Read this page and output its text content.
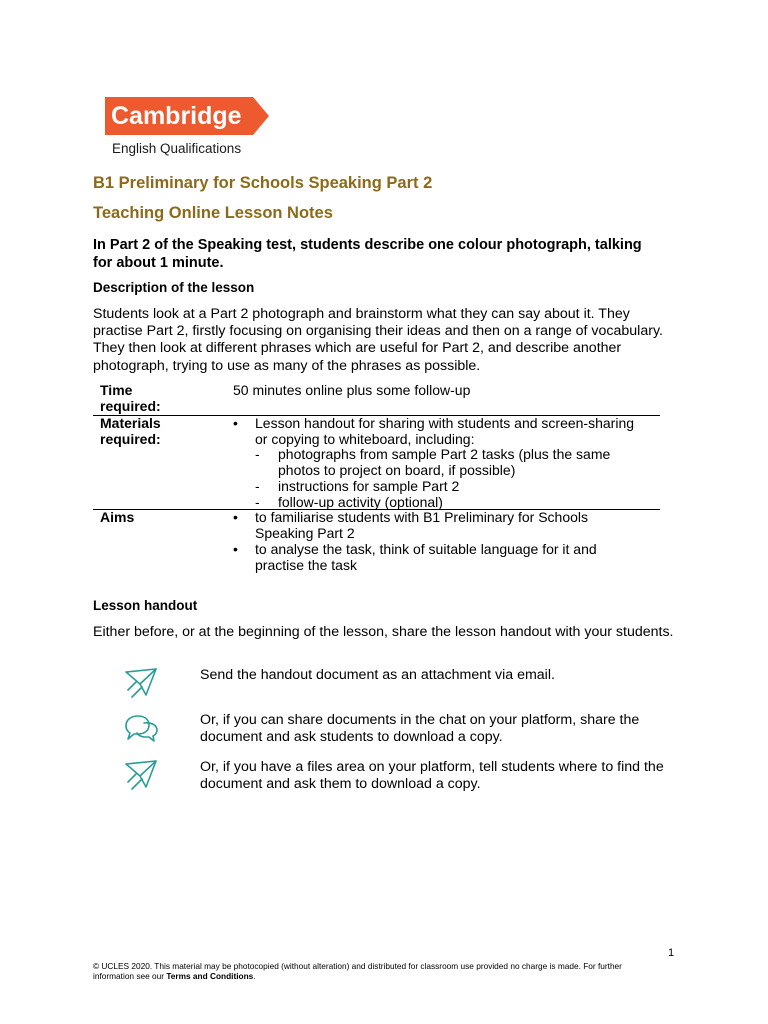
Cambridge
English Qualifications
B1 Preliminary for Schools Speaking Part 2
Teaching Online Lesson Notes
In Part 2 of the Speaking test, students describe one colour photograph, talking for about 1 minute.
Description of the lesson
Students look at a Part 2 photograph and brainstorm what they can say about it. They
practise Part 2, firstly focusing on organising their ideas and then on a range of vocabulary.
They then look at different phrases which are useful for Part 2, and describe another
photograph, trying to use as many of the phrases as possible.
Time
required:
50 minutes online plus some follow-up
Materials
required:
• Lesson handout for sharing with students and screen-sharing
or copying to whiteboard, including:
- photographs from sample Part 2 tasks (plus the same
photos to project on board, if possible)
- instructions for sample Part 2
- follow-up activity (optional)
Aims	• to familiarise students with B1 Preliminary for Schools
Speaking Part 2
• to analyse the task, think of suitable language for it and
practise the task
Lesson handout
Either before, or at the beginning of the lesson, share the lesson handout with your students.
Send the handout document as an attachment via email.
Or, if you can share documents in the chat on your platform, share the
document and ask students to download a copy.
Or, if you have a files area on your platform, tell students where to find the
document and ask them to download a copy.
1
© UCLES 2020. This material may be photocopied (without alteration) and distributed for classroom use provided no charge is made. For further
information see our Terms and Conditions.
